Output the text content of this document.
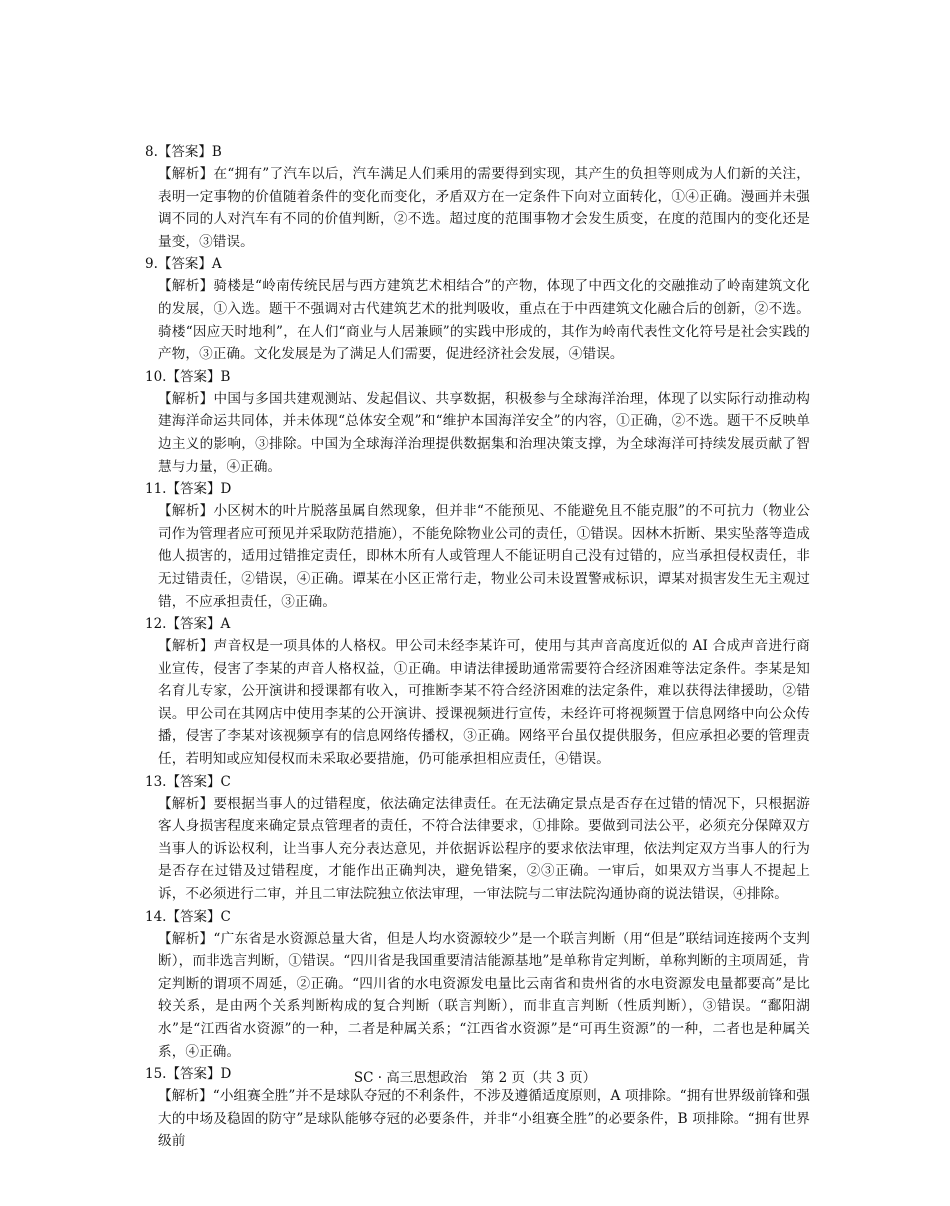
8.【答案】B
【解析】在“拥有”了汽车以后，汽车满足人们乘用的需要得到实现，其产生的负担等则成为人们新的关注，表明一定事物的价值随着条件的变化而变化，矛盾双方在一定条件下向对立面转化，①④正确。漫画并未强调不同的人对汽车有不同的价值判断，②不选。超过度的范围事物才会发生质变，在度的范围内的变化还是量变，③错误。
9.【答案】A
【解析】骑楼是“岭南传统民居与西方建筑艺术相结合”的产物，体现了中西文化的交融推动了岭南建筑文化的发展，①入选。题干不强调对古代建筑艺术的批判吸收，重点在于中西建筑文化融合后的创新，②不选。骑楼“因应天时地利”，在人们“商业与人居兼顾”的实践中形成的，其作为岭南代表性文化符号是社会实践的产物，③正确。文化发展是为了满足人们需要，促进经济社会发展，④错误。
10.【答案】B
【解析】中国与多国共建观测站、发起倡议、共享数据，积极参与全球海洋治理，体现了以实际行动推动构建海洋命运共同体，并未体现“总体安全观”和“维护本国海洋安全”的内容，①正确，②不选。题干不反映单边主义的影响，③排除。中国为全球海洋治理提供数据集和治理决策支撑，为全球海洋可持续发展贡献了智慧与力量，④正确。
11.【答案】D
【解析】小区树木的叶片脱落虽属自然现象，但并非“不能预见、不能避免且不能克服”的不可抗力（物业公司作为管理者应可预见并采取防范措施），不能免除物业公司的责任，①错误。因林木折断、果实坠落等造成他人损害的，适用过错推定责任，即林木所有人或管理人不能证明自己没有过错的，应当承担侵权责任，非无过错责任，②错误，④正确。谭某在小区正常行走，物业公司未设置警戒标识，谭某对损害发生无主观过错，不应承担责任，③正确。
12.【答案】A
【解析】声音权是一项具体的人格权。甲公司未经李某许可，使用与其声音高度近似的 AI 合成声音进行商业宣传，侵害了李某的声音人格权益，①正确。申请法律援助通常需要符合经济困难等法定条件。李某是知名育儿专家，公开演讲和授课都有收入，可推断李某不符合经济困难的法定条件，难以获得法律援助，②错误。甲公司在其网店中使用李某的公开演讲、授课视频进行宣传，未经许可将视频置于信息网络中向公众传播，侵害了李某对该视频享有的信息网络传播权，③正确。网络平台虽仅提供服务，但应承担必要的管理责任，若明知或应知侵权而未采取必要措施，仍可能承担相应责任，④错误。
13.【答案】C
【解析】要根据当事人的过错程度，依法确定法律责任。在无法确定景点是否存在过错的情况下，只根据游客人身损害程度来确定景点管理者的责任，不符合法律要求，①排除。要做到司法公平，必须充分保障双方当事人的诉讼权利，让当事人充分表达意见，并依据诉讼程序的要求依法审理，依法判定双方当事人的行为是否存在过错及过错程度，才能作出正确判决，避免错案，②③正确。一审后，如果双方当事人不提起上诉，不必须进行二审，并且二审法院独立依法审理，一审法院与二审法院沟通协商的说法错误，④排除。
14.【答案】C
【解析】“广东省是水资源总量大省，但是人均水资源较少”是一个联言判断（用“但是”联结词连接两个支判断），而非选言判断，①错误。“四川省是我国重要清洁能源基地”是单称肯定判断，单称判断的主项周延，肯定判断的谓项不周延，②正确。“四川省的水电资源发电量比云南省和贵州省的水电资源发电量都要高”是比较关系，是由两个关系判断构成的复合判断（联言判断），而非直言判断（性质判断），③错误。“鄱阳湖水”是“江西省水资源”的一种，二者是种属关系；“江西省水资源”是“可再生资源”的一种，二者也是种属关系，④正确。
15.【答案】D
【解析】“小组赛全胜”并不是球队夺冠的不利条件，不涉及遵循适度原则，A 项排除。“拥有世界级前锋和强大的中场及稳固的防守”是球队能够夺冠的必要条件，并非“小组赛全胜”的必要条件，B 项排除。“拥有世界级前
SC · 高三思想政治　第 2 页（共 3 页）
